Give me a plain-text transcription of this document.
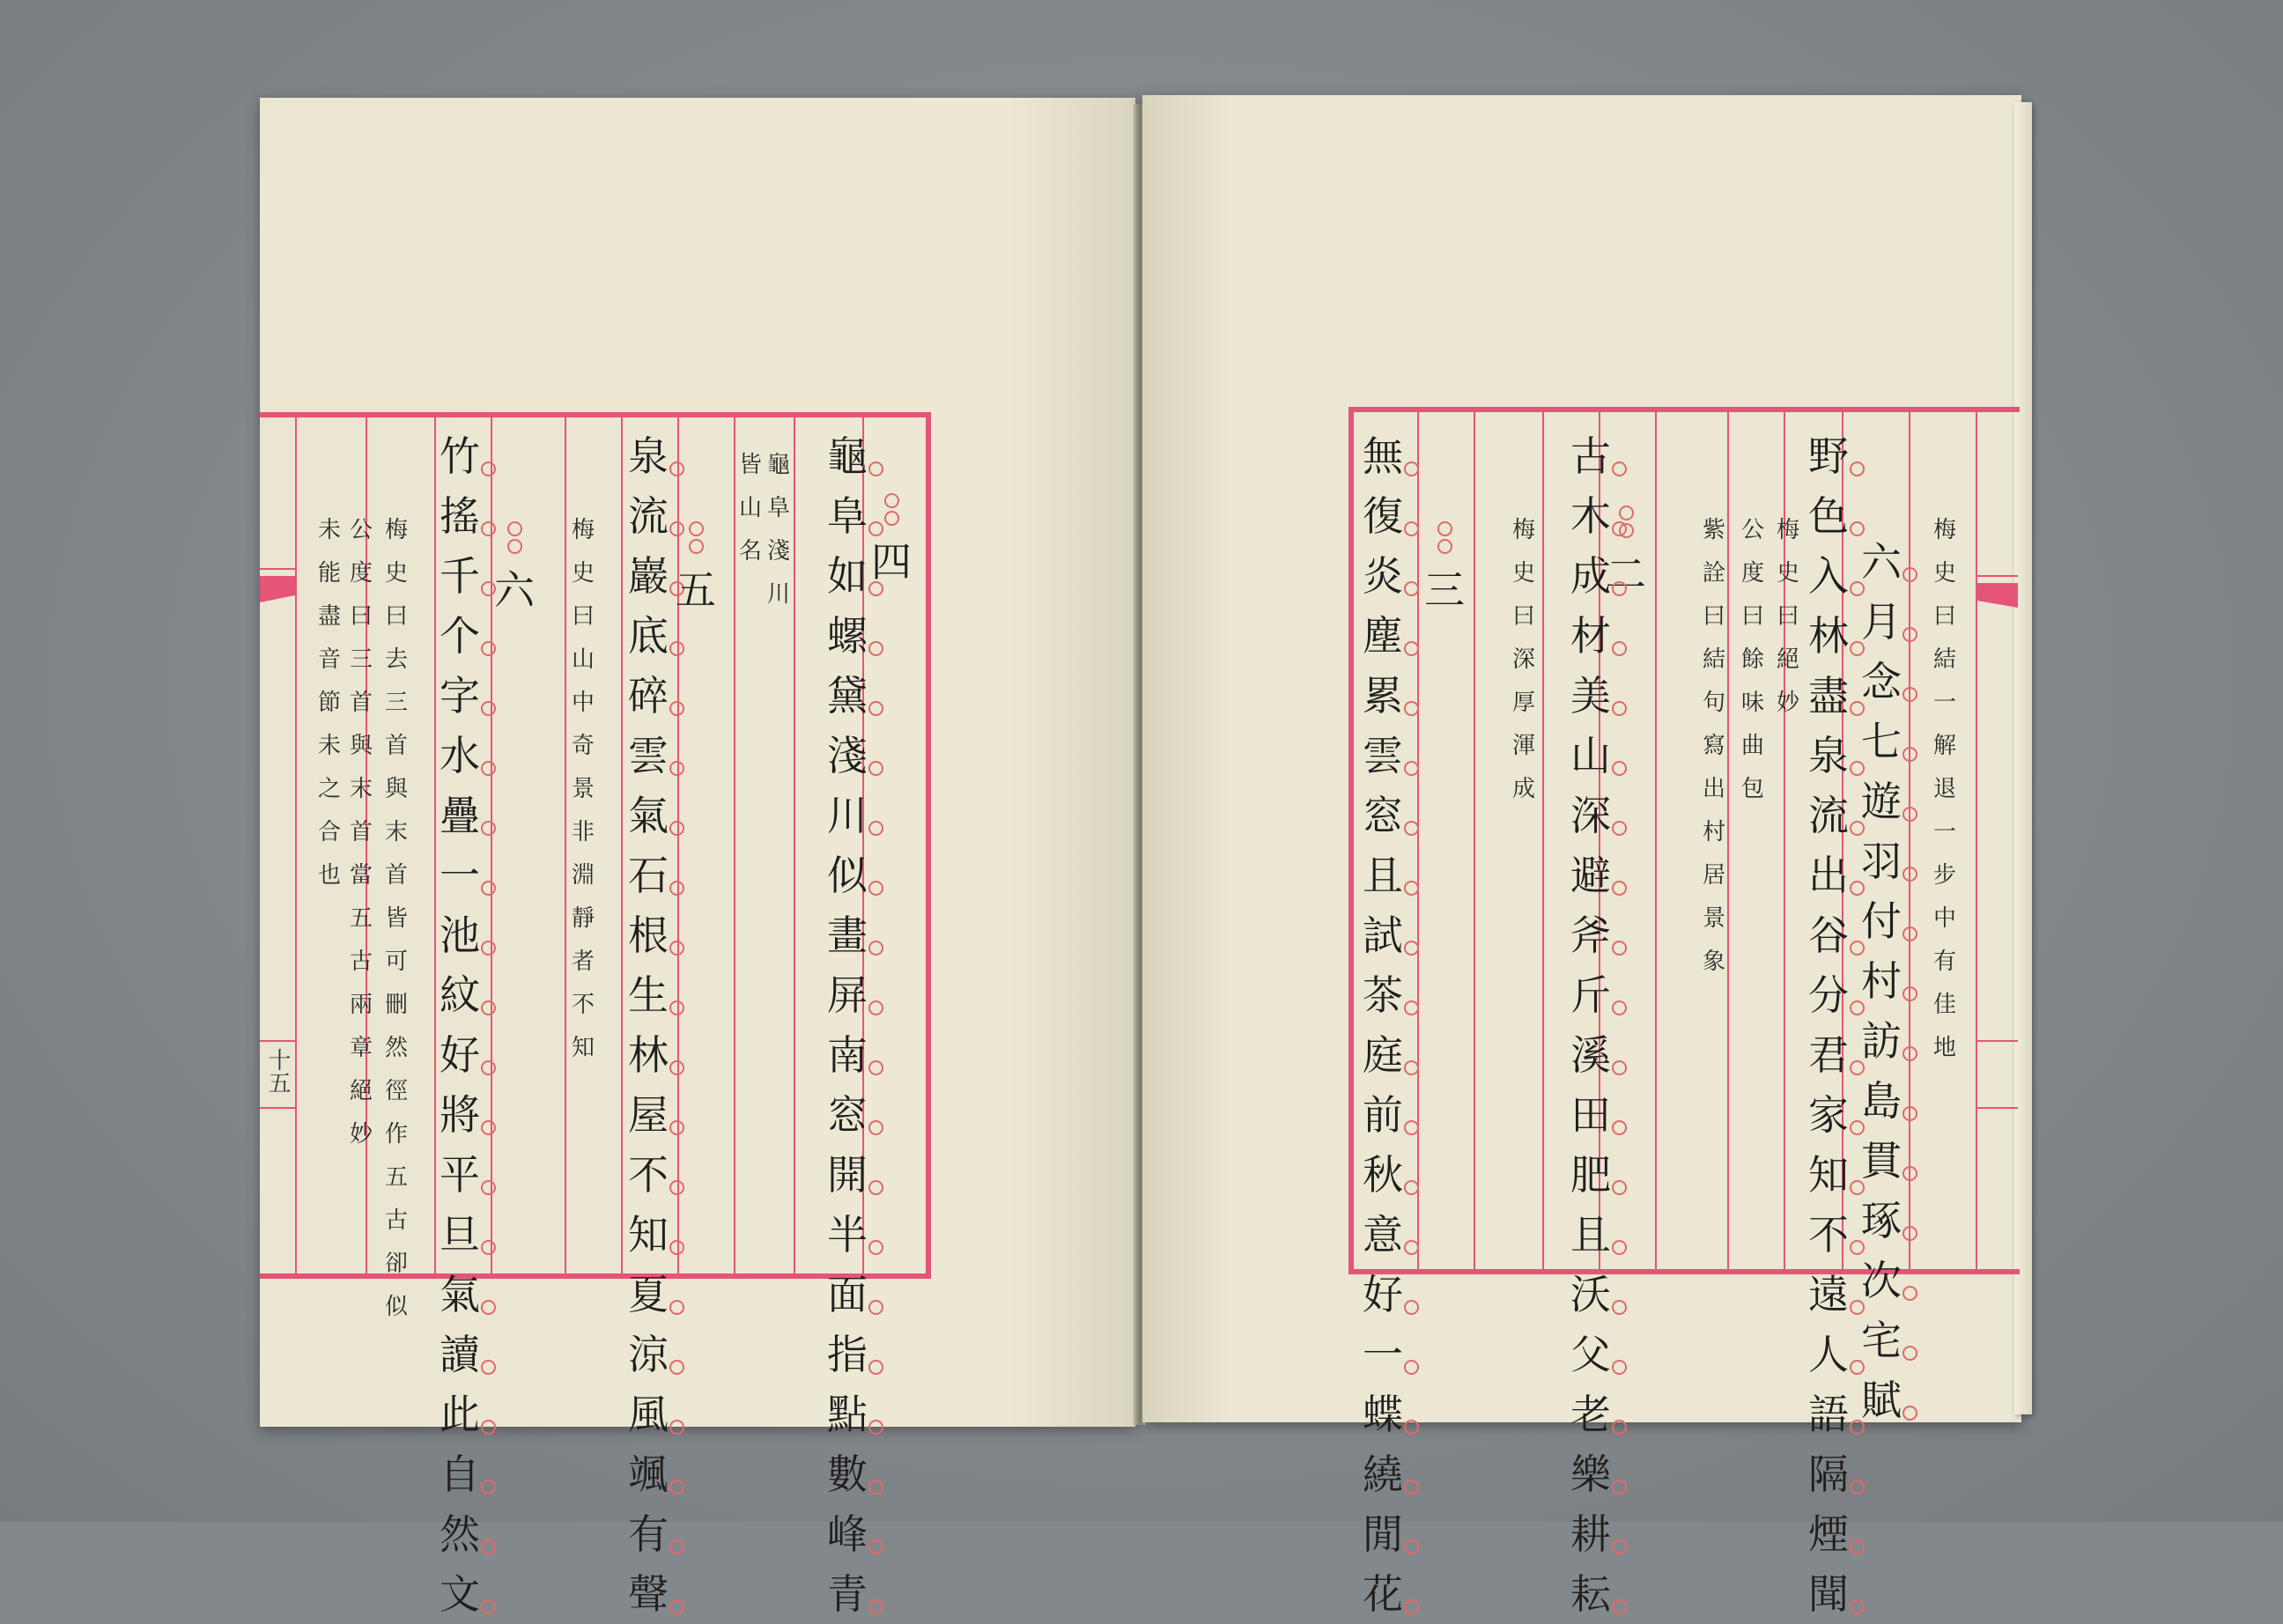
十五
未
能
盡
音
節
未
之
合
也
公
度
曰
三
首
與
末
首
當
五
古
兩
章
絕
妙
梅
史
曰
去
三
首
與
末
首
皆
可
刪
然
徑
作
五
古
卻
似
竹
搖
千
个
字
水
疊
一
池
紋
好
將
平
旦
氣
讀
此
自
然
文
六
梅
史
曰
山
中
奇
景
非
淵
靜
者
不
知
泉
流
巖
底
碎
雲
氣
石
根
生
林
屋
不
知
夏
涼
風
颯
有
聲
五
龜
阜
淺
川
皆
山
名
龜
阜
如
螺
黛
淺
川
似
畫
屏
南
窓
開
半
面
指
點
數
峰
青
四
梅
史
曰
結
一
解
退
一
步
中
有
佳
地
六
月
念
七
遊
羽
付
村
訪
島
貫
琢
次
宅
賦
野
色
入
林
盡
泉
流
出
谷
分
君
家
知
不
遠
人
語
隔
煙
聞
紫
詮
曰
結
句
寫
出
村
居
景
象
公
度
曰
餘
味
曲
包
梅
史
曰
絕
妙
二
古
木
成
材
美
山
深
避
斧
斤
溪
田
肥
且
沃
父
老
樂
耕
耘
梅
史
曰
深
厚
渾
成
三
無
復
炎
塵
累
雲
窓
且
試
茶
庭
前
秋
意
好
一
蝶
繞
閒
花
